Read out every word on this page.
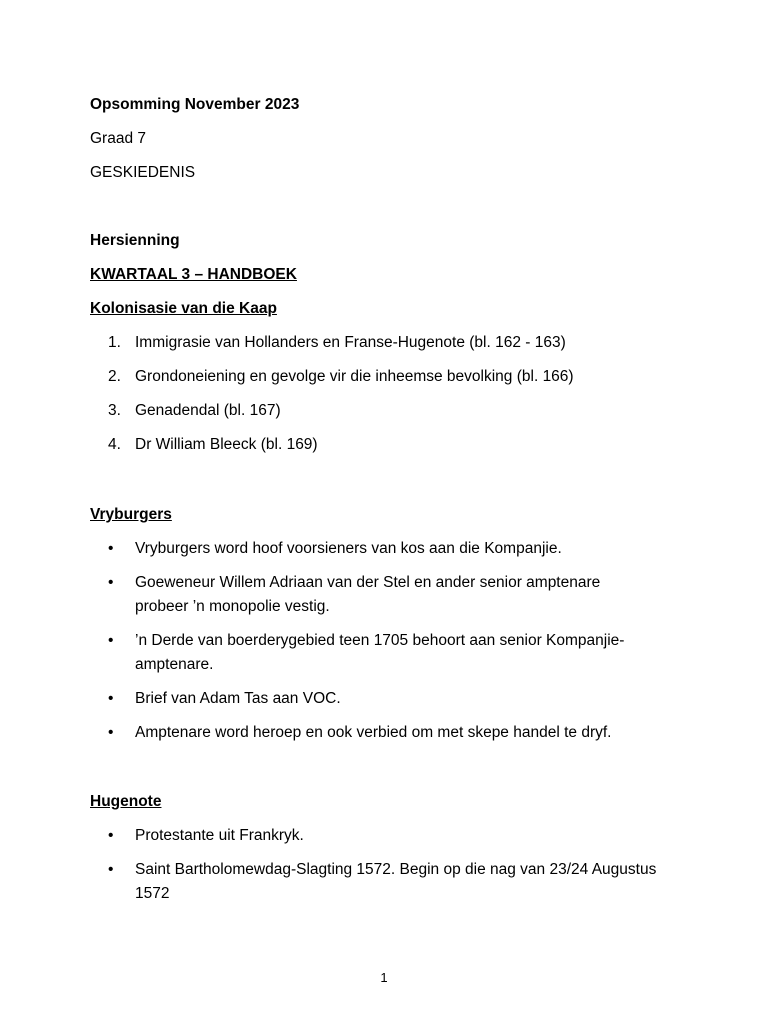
Opsomming November 2023
Graad 7
GESKIEDENIS
Hersienning
KWARTAAL 3 – HANDBOEK
Kolonisasie van die Kaap
1. Immigrasie van Hollanders en Franse-Hugenote (bl. 162 - 163)
2. Grondoneiening en gevolge vir die inheemse bevolking (bl. 166)
3. Genadendal (bl. 167)
4. Dr William Bleeck (bl. 169)
Vryburgers
•	Vryburgers word hoof voorsieners van kos aan die Kompanjie.
•	Goeweneur Willem Adriaan van der Stel en ander senior amptenare probeer ’n monopolie vestig.
•	’n Derde van boerderygebied teen 1705 behoort aan senior Kompanjie-amptenare.
•	Brief van Adam Tas aan VOC.
•	Amptenare word heroep en ook verbied om met skepe handel te dryf.
Hugenote
•	Protestante uit Frankryk.
•	Saint Bartholomewdag-Slagting 1572. Begin op die nag van 23/24 Augustus 1572
1
